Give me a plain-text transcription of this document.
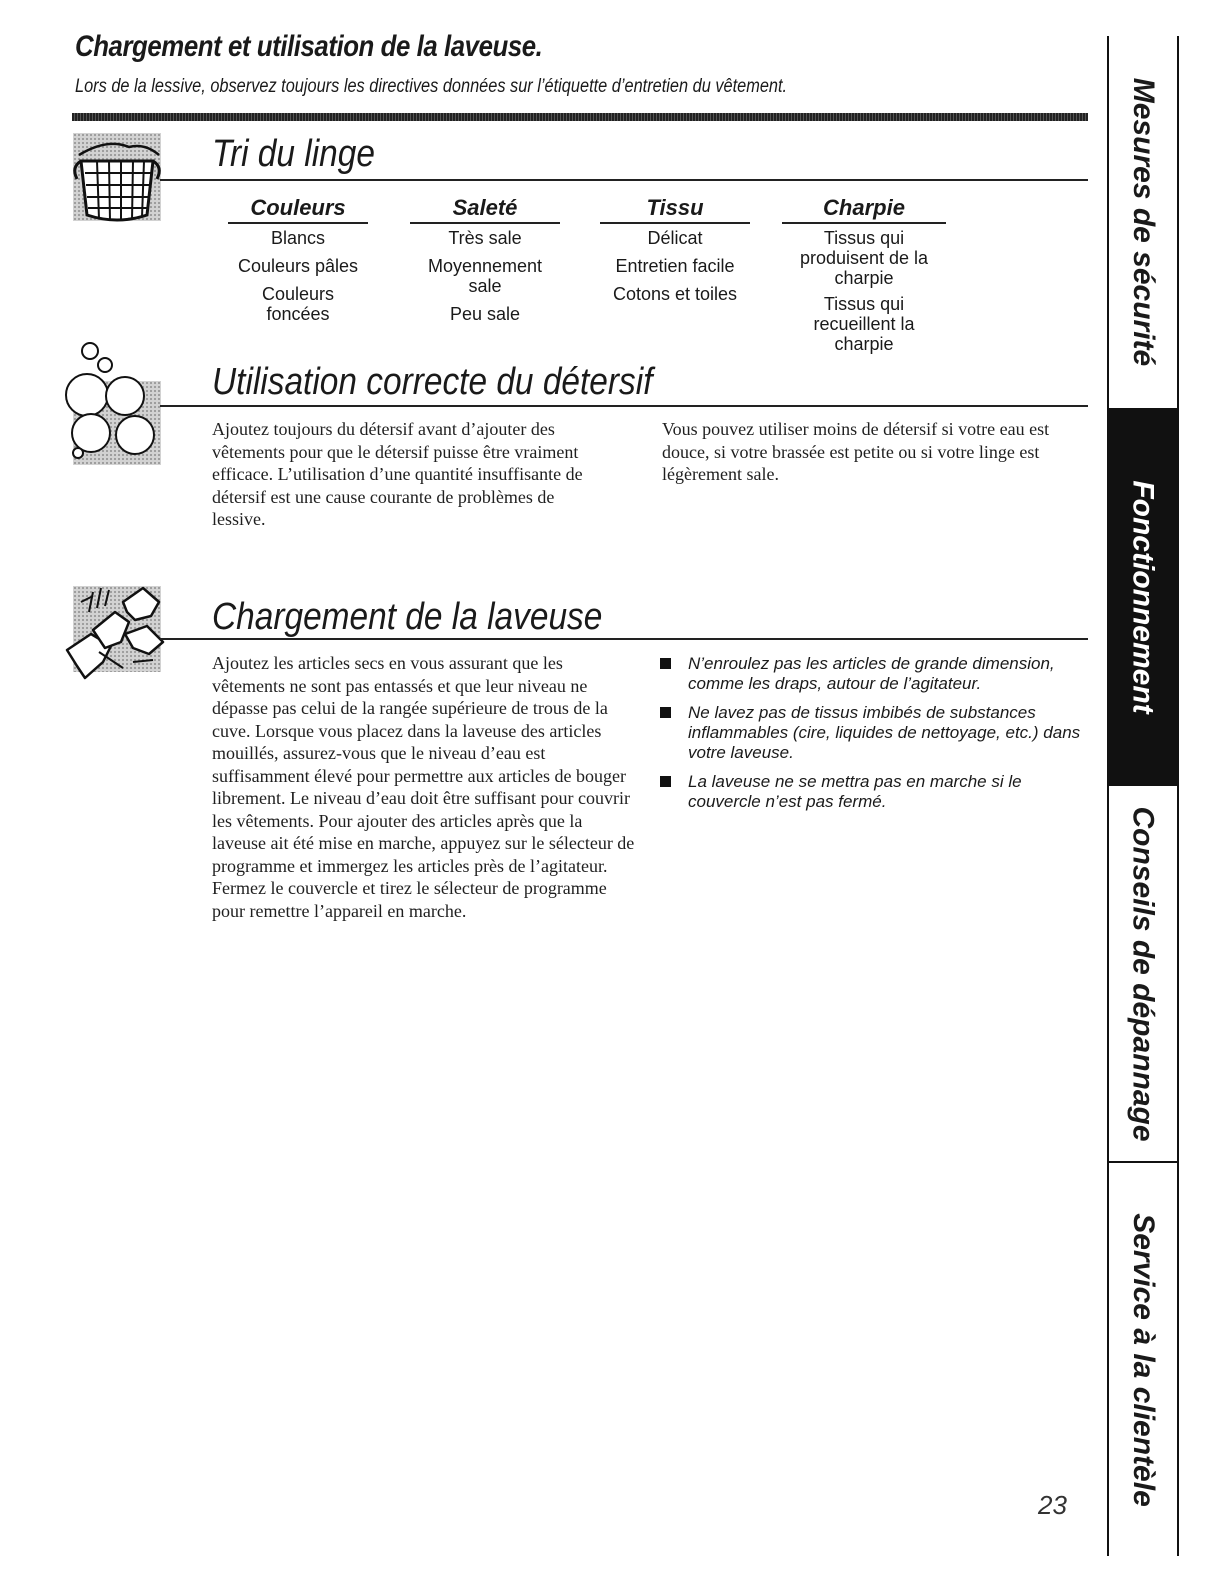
Chargement et utilisation de la laveuse.

Lors de la lessive, observez toujours les directives données sur l’étiquette d’entretien du vêtement.

Tri du linge
Couleurs
Blancs
Couleurs pâles
Couleurs foncées
Saleté
Très sale
Moyennement sale
Peu sale
Tissu
Délicat
Entretien facile
Cotons et toiles
Charpie
Tissus qui produisent de la charpie
Tissus qui recueillent la charpie
Utilisation correcte du détersif

Ajoutez toujours du détersif avant d’ajouter des vêtements pour que le détersif puisse être vraiment efficace. L’utilisation d’une quantité insuffisante de détersif est une cause courante de problèmes de lessive.

Vous pouvez utiliser moins de détersif si votre eau est douce, si votre brassée est petite ou si votre linge est légèrement sale.

Chargement de la laveuse

Ajoutez les articles secs en vous assurant que les vêtements ne sont pas entassés et que leur niveau ne dépasse pas celui de la rangée supérieure de trous de la cuve. Lorsque vous placez dans la laveuse des articles mouillés, assurez-vous que le niveau d’eau est suffisamment élevé pour permettre aux articles de bouger librement. Le niveau d’eau doit être suffisant pour couvrir les vêtements. Pour ajouter des articles après que la laveuse ait été mise en marche, appuyez sur le sélecteur de programme et immergez les articles près de l’agitateur. Fermez le couvercle et tirez le sélecteur de programme pour remettre l’appareil en marche.

N’enroulez pas les articles de grande dimension, comme les draps, autour de l’agitateur.
Ne lavez pas de tissus imbibés de substances inflammables (cire, liquides de nettoyage, etc.) dans votre laveuse.
La laveuse ne se mettra pas en marche si le couvercle n’est pas fermé.
Mesures de sécurité
Fonctionnement
Conseils de dépannage
Service à la clientèle
23
